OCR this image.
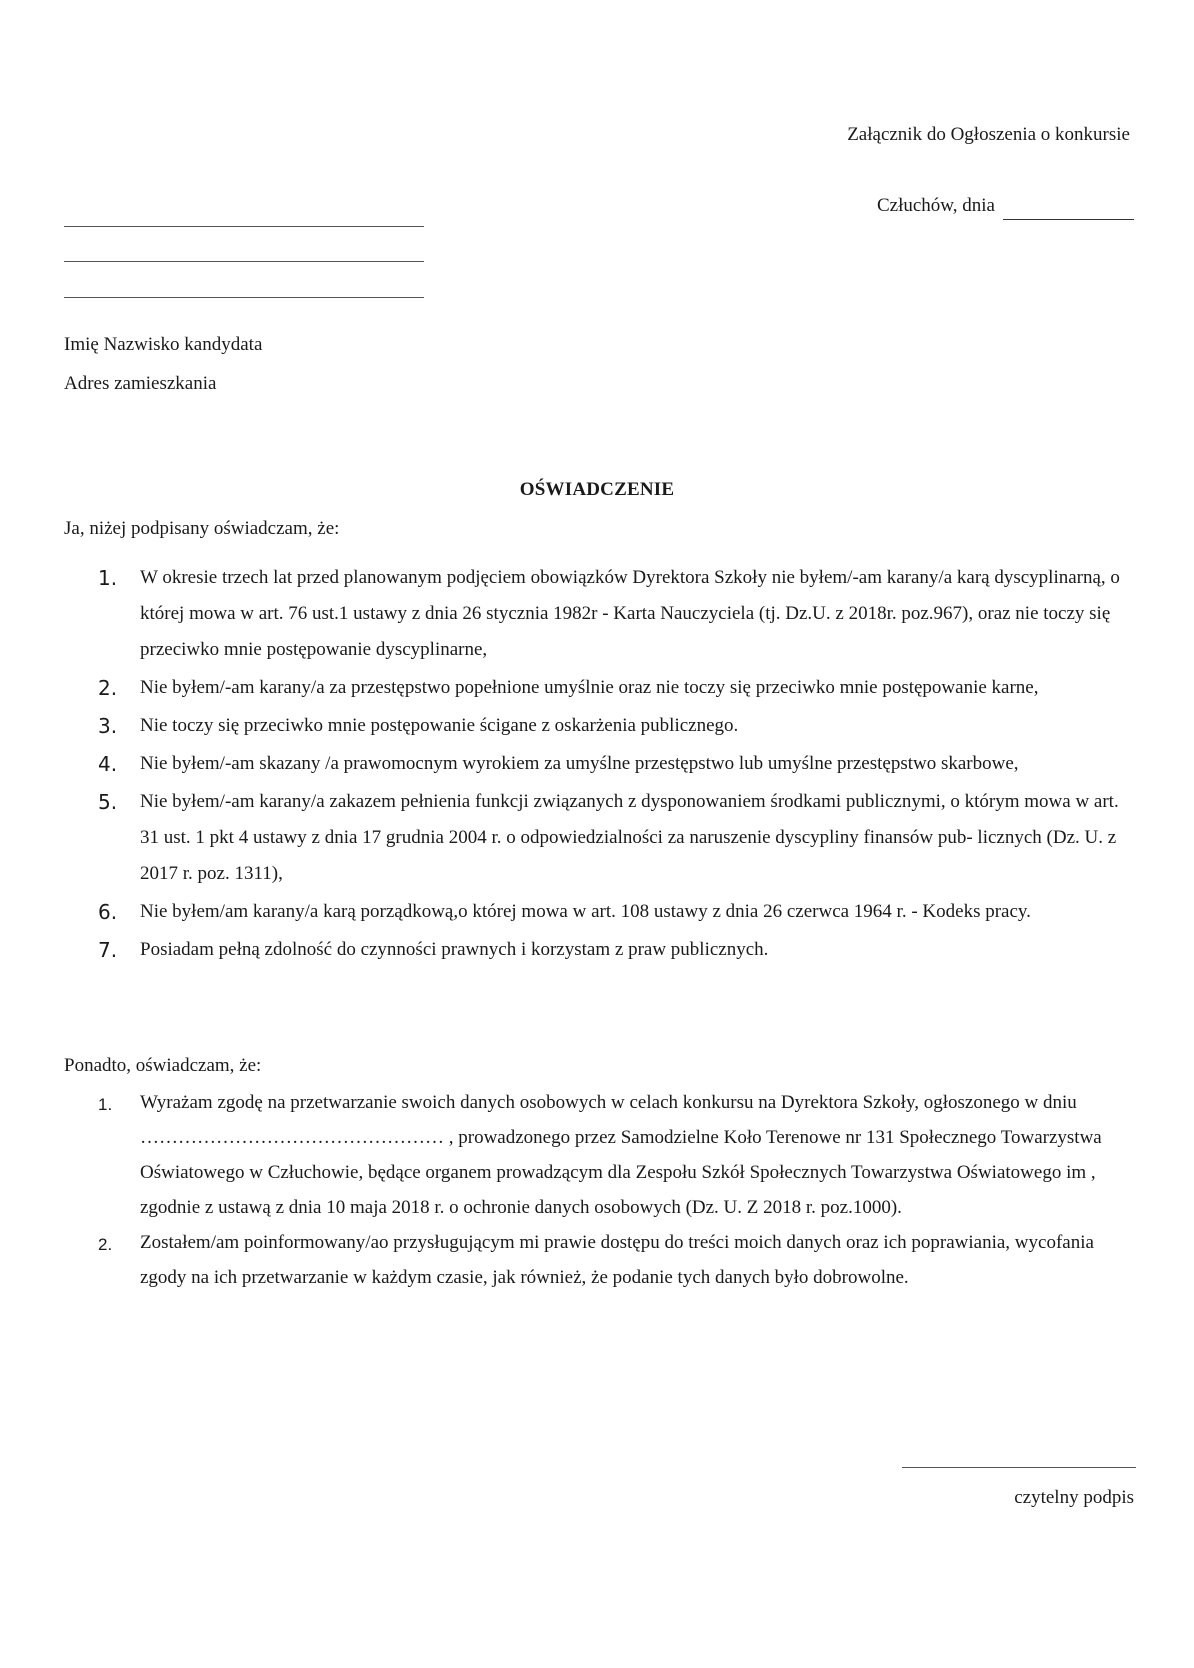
Załącznik do Ogłoszenia o konkursie
Człuchów, dnia
Imię Nazwisko kandydata
Adres zamieszkania
OŚWIADCZENIE
Ja, niżej podpisany oświadczam, że:
1.	W okresie trzech lat przed planowanym podjęciem obowiązków Dyrektora Szkoły nie byłem/-am karany/a karą dyscyplinarną, o której mowa w art. 76 ust.1 ustawy z dnia 26 stycznia 1982r - Karta Nauczyciela (tj. Dz.U. z 2018r. poz.967), oraz nie toczy się przeciwko mnie postępowanie dyscyplinarne,
2.	Nie byłem/-am karany/a za przestępstwo popełnione umyślnie oraz nie toczy się przeciwko mnie postępowanie karne,
3.	Nie toczy się przeciwko mnie postępowanie ścigane z oskarżenia publicznego.
4.	Nie byłem/-am skazany /a prawomocnym wyrokiem za umyślne przestępstwo lub umyślne przestępstwo skarbowe,
5.	Nie byłem/-am karany/a zakazem pełnienia funkcji związanych z dysponowaniem środkami publicznymi, o którym mowa w art. 31 ust. 1 pkt 4 ustawy z dnia 17 grudnia 2004 r. o odpowiedzialności za naruszenie dyscypliny finansów pub- licznych (Dz. U. z 2017 r. poz. 1311),
6.	Nie byłem/am karany/a karą porządkową,o której mowa w art. 108 ustawy z dnia 26 czerwca 1964 r. - Kodeks pracy.
7.	Posiadam pełną zdolność do czynności prawnych i korzystam z praw publicznych.
Ponadto, oświadczam, że:
1.	Wyrażam zgodę na przetwarzanie swoich danych osobowych w celach konkursu na Dyrektora Szkoły, ogłoszonego w dniu ………………………………………… , prowadzonego przez Samodzielne Koło Terenowe nr 131 Społecznego Towarzystwa Oświatowego w Człuchowie, będące organem prowadzącym dla Zespołu Szkół Społecznych Towarzystwa Oświatowego im , zgodnie z ustawą z dnia 10 maja 2018 r. o ochronie danych osobowych (Dz. U. Z 2018 r. poz.1000).
2.	Zostałem/am poinformowany/ao przysługującym mi prawie dostępu do treści moich danych oraz ich poprawiania, wycofania zgody na ich przetwarzanie w każdym czasie, jak również, że podanie tych danych było dobrowolne.
czytelny podpis
